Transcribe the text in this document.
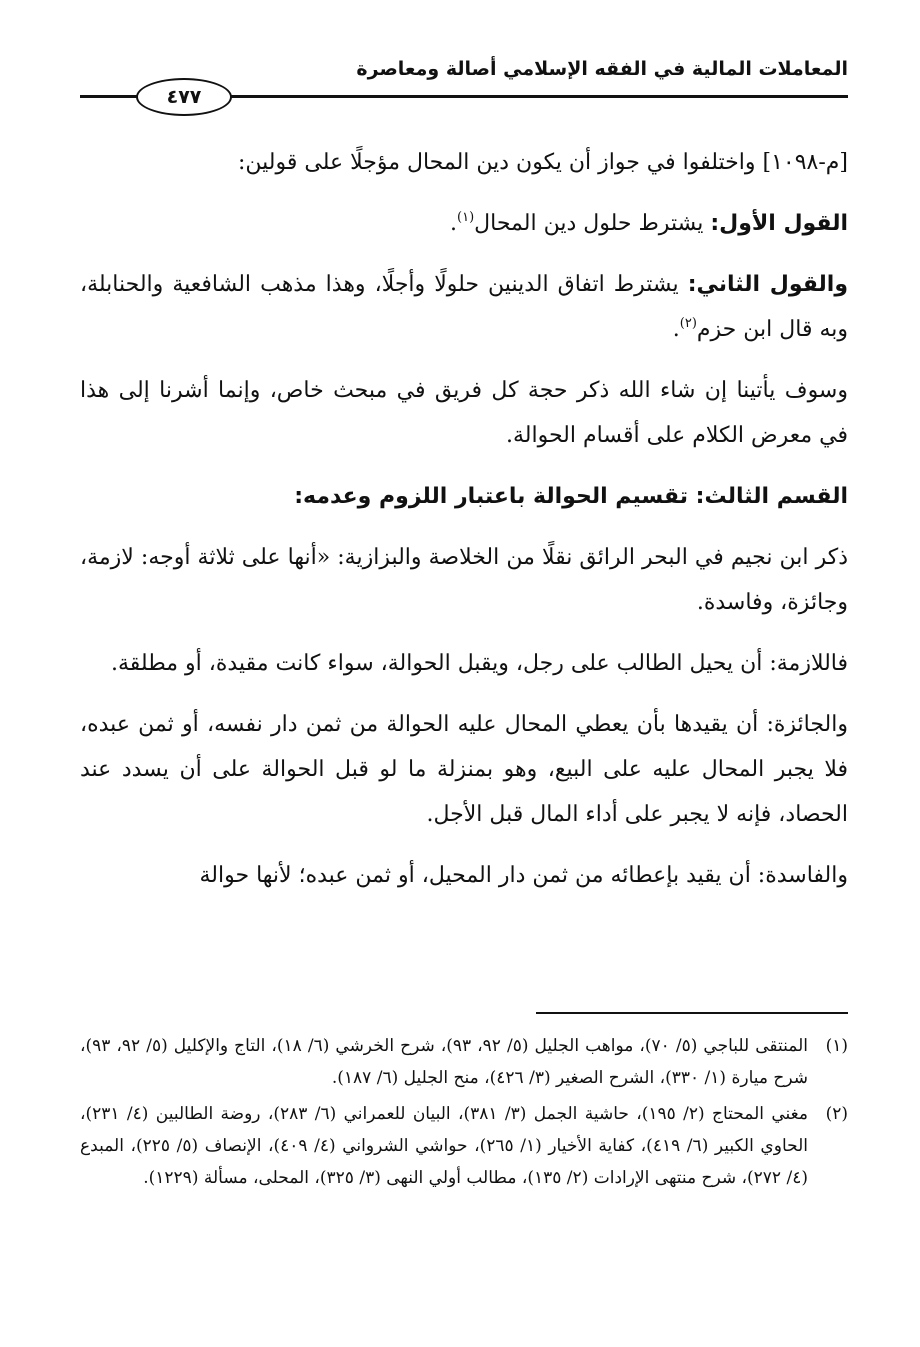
المعاملات المالية في الفقه الإسلامي أصالة ومعاصرة
٤٧٧

[م-١٠٩٨] واختلفوا في جواز أن يكون دين المحال مؤجلًا على قولين:

القول الأول: يشترط حلول دين المحال$^{(١)}$.

والقول الثاني: يشترط اتفاق الدينين حلولًا وأجلًا، وهذا مذهب الشافعية والحنابلة، وبه قال ابن حزم$^{(٢)}$.

وسوف يأتينا إن شاء الله ذكر حجة كل فريق في مبحث خاص، وإنما أشرنا إلى هذا في معرض الكلام على أقسام الحوالة.

القسم الثالث: تقسيم الحوالة باعتبار اللزوم وعدمه:

ذكر ابن نجيم في البحر الرائق نقلًا من الخلاصة والبزازية: «أنها على ثلاثة أوجه: لازمة، وجائزة، وفاسدة.

فاللازمة: أن يحيل الطالب على رجل، ويقبل الحوالة، سواء كانت مقيدة، أو مطلقة.

والجائزة: أن يقيدها بأن يعطي المحال عليه الحوالة من ثمن دار نفسه، أو ثمن عبده، فلا يجبر المحال عليه على البيع، وهو بمنزلة ما لو قبل الحوالة على أن يسدد عند الحصاد، فإنه لا يجبر على أداء المال قبل الأجل.

والفاسدة: أن يقيد بإعطائه من ثمن دار المحيل، أو ثمن عبده؛ لأنها حوالة

(١)
المنتقى للباجي (٥/ ٧٠)، مواهب الجليل (٥/ ٩٢، ٩٣)، شرح الخرشي (٦/ ١٨)، التاج والإكليل (٥/ ٩٢، ٩٣)، شرح ميارة (١/ ٣٣٠)، الشرح الصغير (٣/ ٤٢٦)، منح الجليل (٦/ ١٨٧).
(٢)
مغني المحتاج (٢/ ١٩٥)، حاشية الجمل (٣/ ٣٨١)، البيان للعمراني (٦/ ٢٨٣)، روضة الطالبين (٤/ ٢٣١)، الحاوي الكبير (٦/ ٤١٩)، كفاية الأخيار (١/ ٢٦٥)، حواشي الشرواني (٤/ ٤٠٩)، الإنصاف (٥/ ٢٢٥)، المبدع (٤/ ٢٧٢)، شرح منتهى الإرادات (٢/ ١٣٥)، مطالب أولي النهى (٣/ ٣٢٥)، المحلى، مسألة (١٢٢٩).
